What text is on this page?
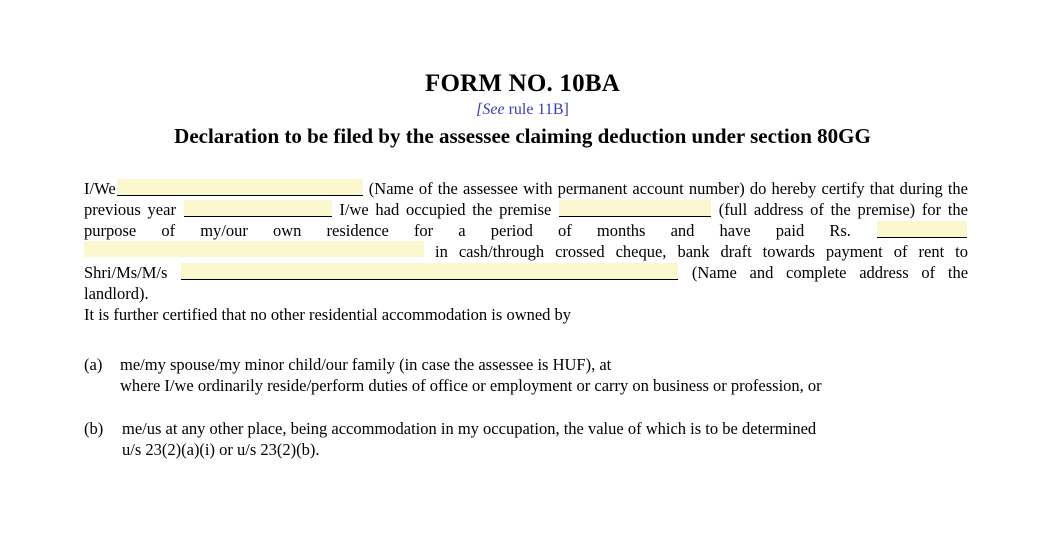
FORM NO. 10BA
[See rule 11B]
Declaration to be filed by the assessee claiming deduction under section 80GG

I/We	(Name of the assessee with permanent account number) do hereby certify that during the previous year	I/we had occupied the premise	(full address of the premise) for the purpose of my/our own residence for a period of months and have paid Rs.  in cash/through crossed cheque, bank draft towards payment of rent to Shri/Ms/M/s	(Name and complete address of the landlord).

It is further certified that no other residential accommodation is owned by

(a) me/my spouse/my minor child/our family (in case the assessee is HUF), at
where I/we ordinarily reside/perform duties of office or employment or carry on business or profession, or
(b) me/us at any other place, being accommodation in my occupation, the value of which is to be determined
u/s 23(2)(a)(i) or u/s 23(2)(b).
